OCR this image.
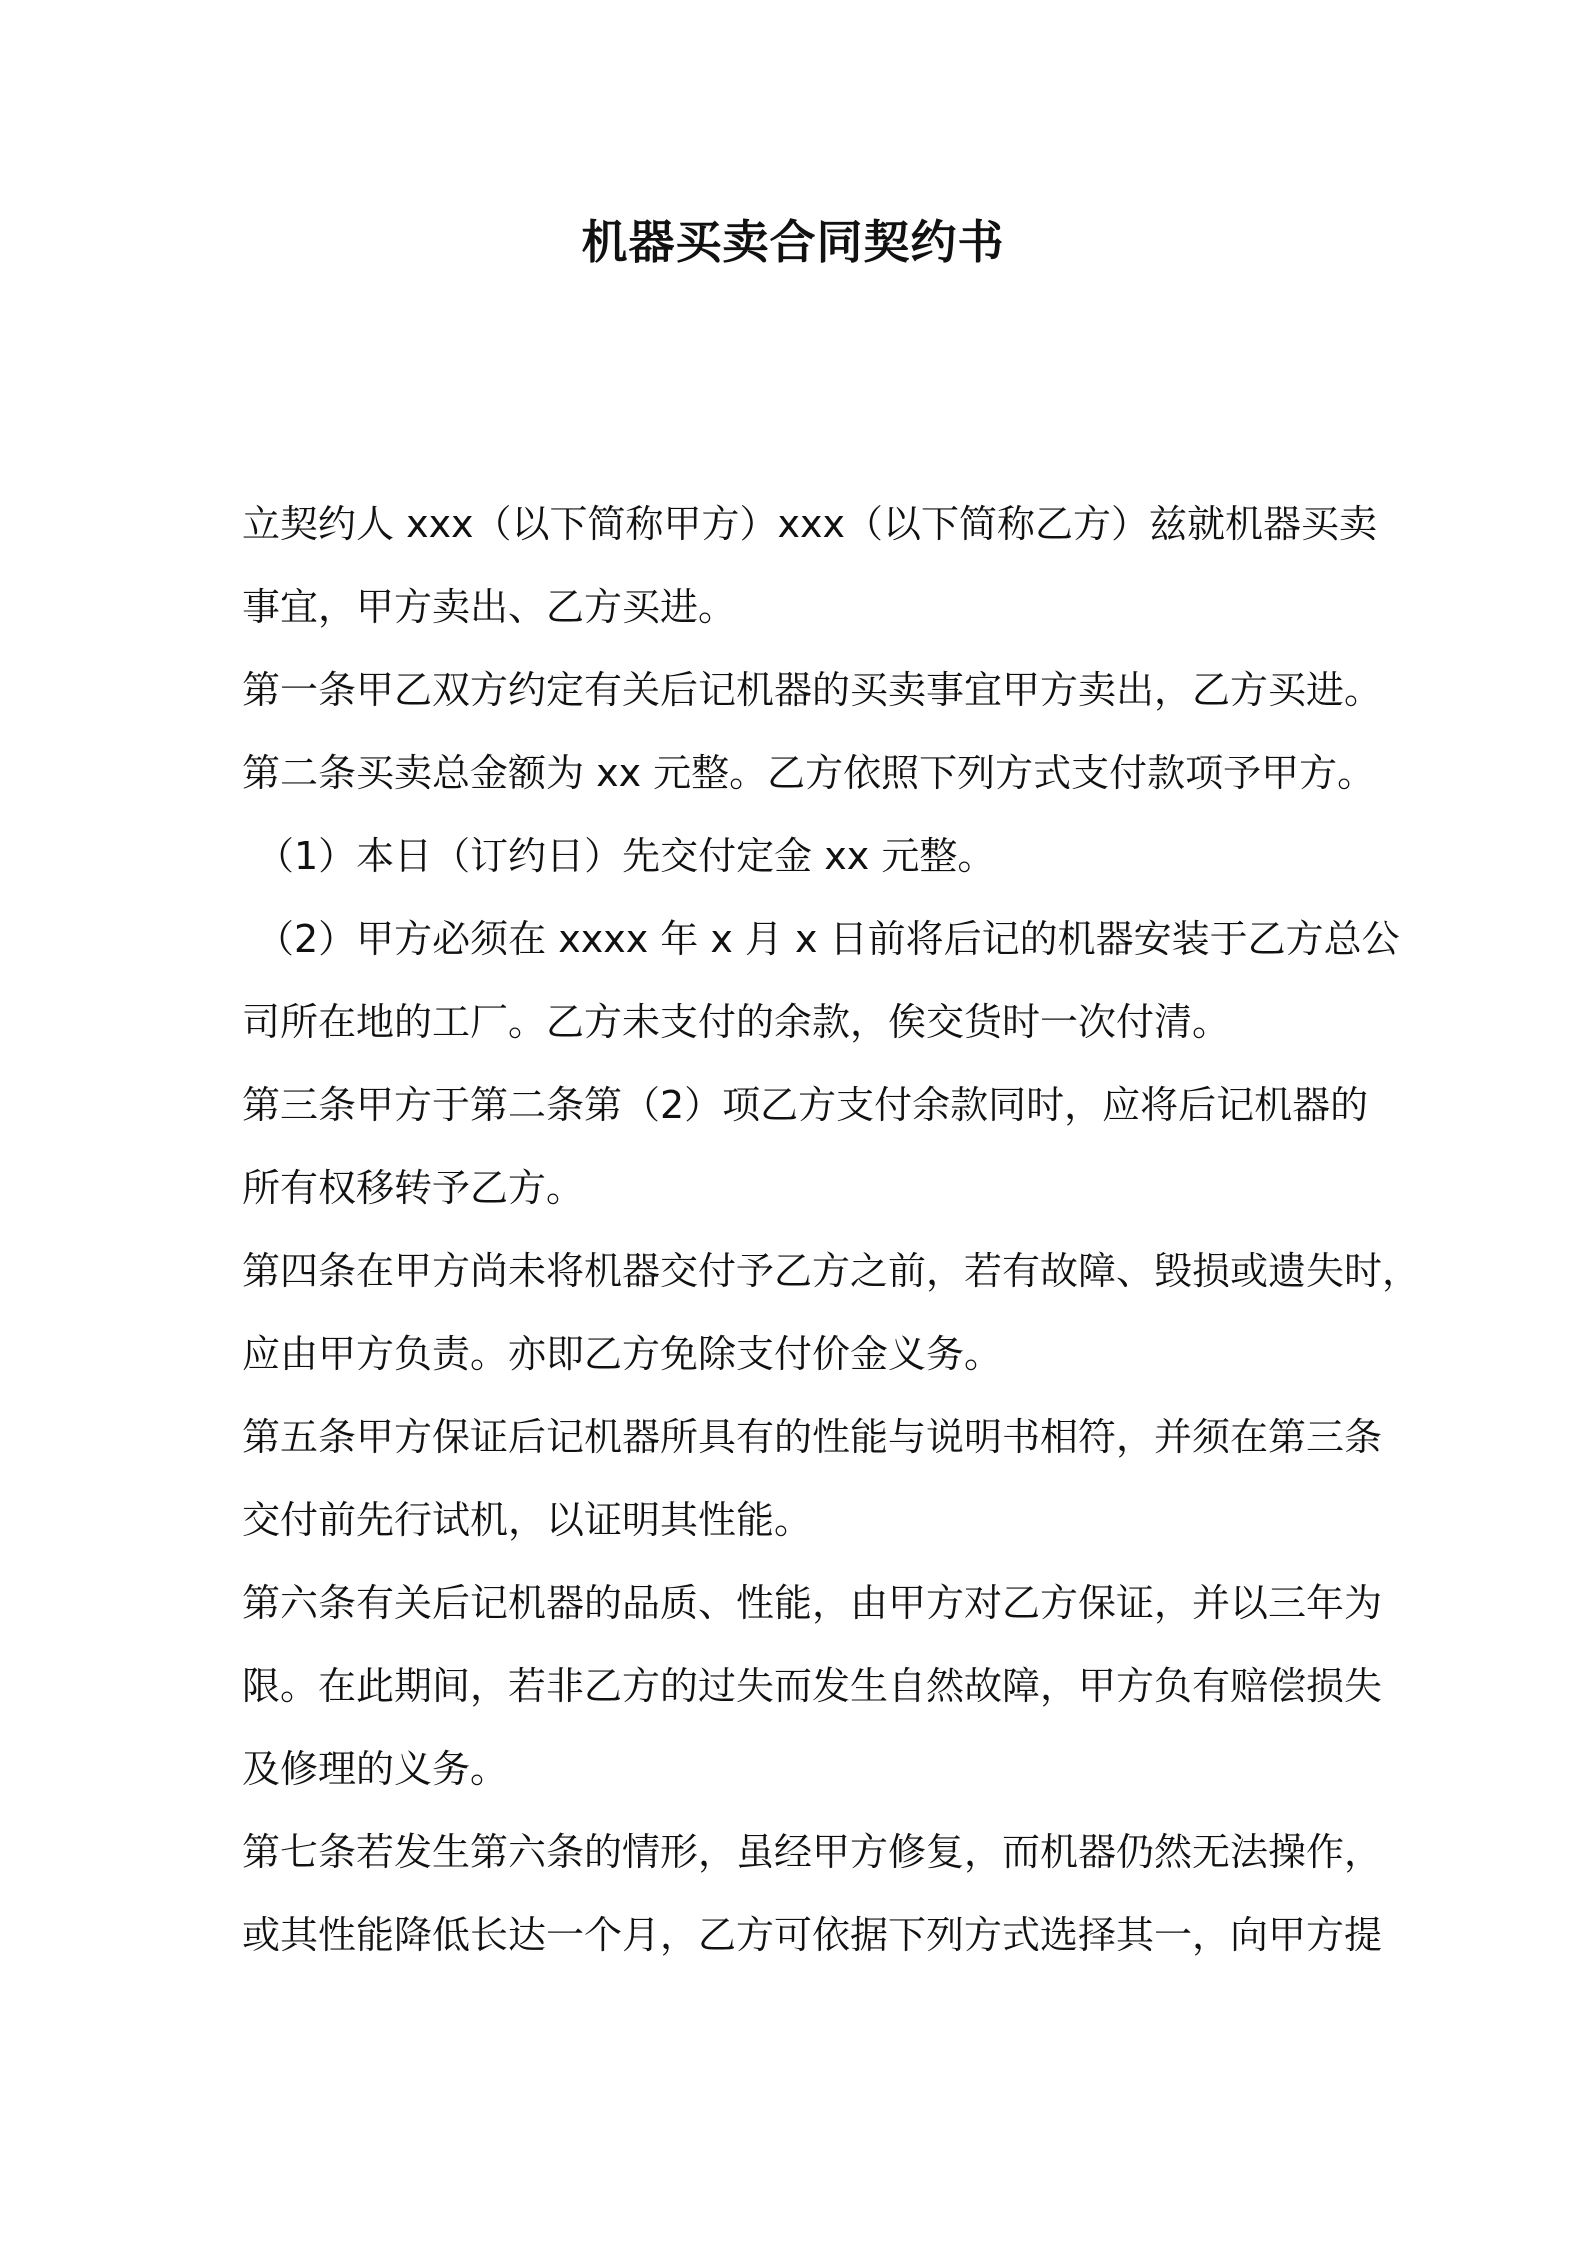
机器买卖合同契约书
立契约人 xxx（以下简称甲方）xxx（以下简称乙方）兹就机器买卖
事宜，甲方卖出、乙方买进。
第一条甲乙双方约定有关后记机器的买卖事宜甲方卖出，乙方买进。
第二条买卖总金额为 xx 元整。乙方依照下列方式支付款项予甲方。
（1）本日（订约日）先交付定金 xx 元整。
（2）甲方必须在 xxxx 年 x 月 x 日前将后记的机器安装于乙方总公
司所在地的工厂。乙方未支付的余款，俟交货时一次付清。
第三条甲方于第二条第（2）项乙方支付余款同时，应将后记机器的
所有权移转予乙方。
第四条在甲方尚未将机器交付予乙方之前，若有故障、毁损或遗失时，
应由甲方负责。亦即乙方免除支付价金义务。
第五条甲方保证后记机器所具有的性能与说明书相符，并须在第三条
交付前先行试机，以证明其性能。
第六条有关后记机器的品质、性能，由甲方对乙方保证，并以三年为
限。在此期间，若非乙方的过失而发生自然故障，甲方负有赔偿损失
及修理的义务。
第七条若发生第六条的情形，虽经甲方修复，而机器仍然无法操作，
或其性能降低长达一个月，乙方可依据下列方式选择其一，向甲方提
